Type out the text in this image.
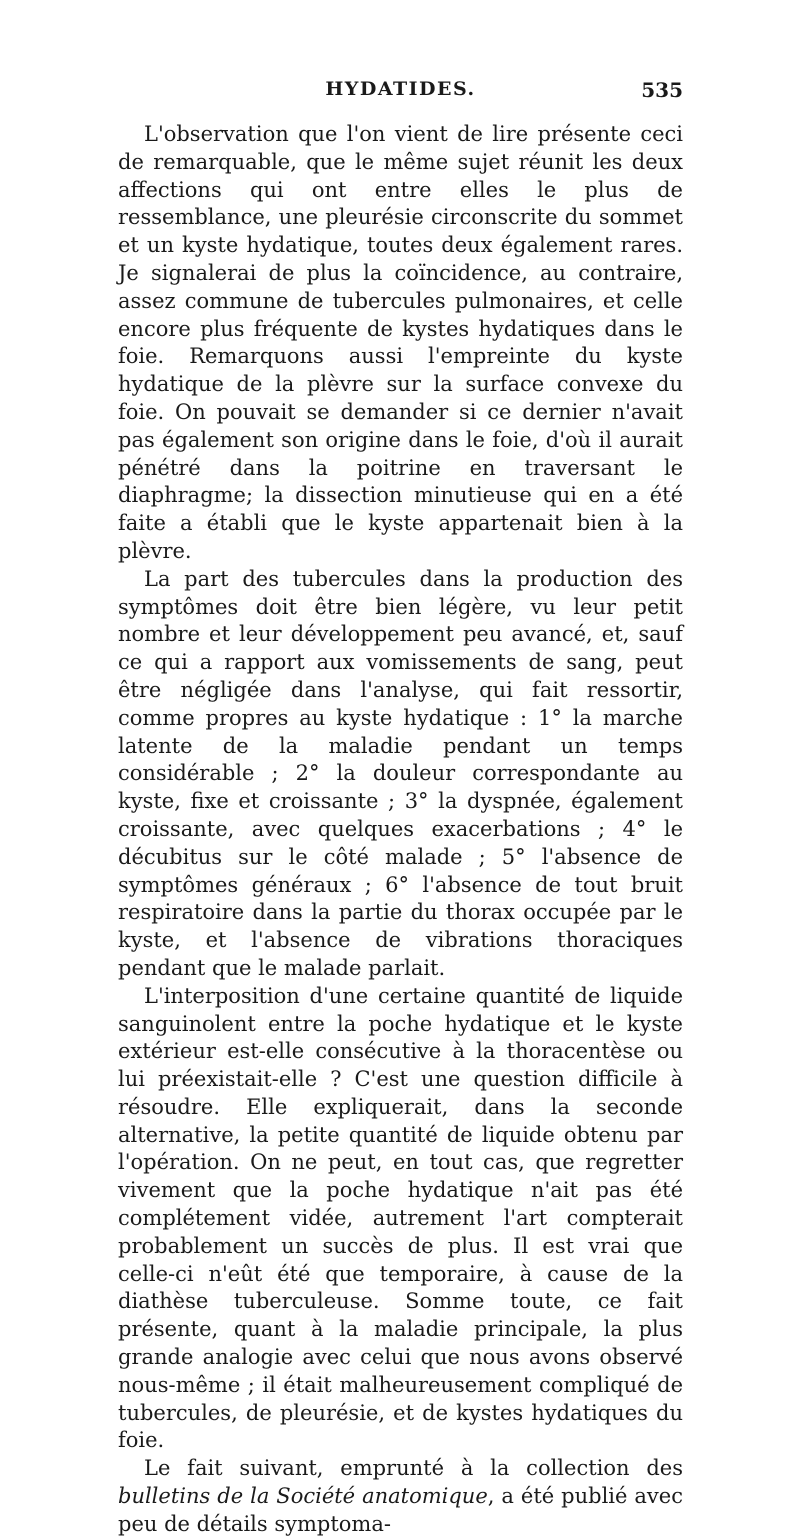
HYDATIDES.	535

L'observation que l'on vient de lire présente ceci de remarquable, que le même sujet réunit les deux affections qui ont entre elles le plus de ressemblance, une pleurésie circonscrite du sommet et un kyste hydatique, toutes deux également rares. Je signalerai de plus la coïncidence, au contraire, assez commune de tubercules pulmonaires, et celle encore plus fréquente de kystes hydatiques dans le foie. Remarquons aussi l'empreinte du kyste hydatique de la plèvre sur la surface convexe du foie. On pouvait se demander si ce dernier n'avait pas également son origine dans le foie, d'où il aurait pénétré dans la poitrine en traversant le diaphragme; la dissection minutieuse qui en a été faite a établi que le kyste appartenait bien à la plèvre.

La part des tubercules dans la production des symptômes doit être bien légère, vu leur petit nombre et leur développement peu avancé, et, sauf ce qui a rapport aux vomissements de sang, peut être négligée dans l'analyse, qui fait ressortir, comme propres au kyste hydatique : 1° la marche latente de la maladie pendant un temps considérable ; 2° la douleur correspondante au kyste, fixe et croissante ; 3° la dyspnée, également croissante, avec quelques exacerbations ; 4° le décubitus sur le côté malade ; 5° l'absence de symptômes généraux ; 6° l'absence de tout bruit respiratoire dans la partie du thorax occupée par le kyste, et l'absence de vibrations thoraciques pendant que le malade parlait.

L'interposition d'une certaine quantité de liquide sanguinolent entre la poche hydatique et le kyste extérieur est-elle consécutive à la thoracentèse ou lui préexistait-elle ? C'est une question difficile à résoudre. Elle expliquerait, dans la seconde alternative, la petite quantité de liquide obtenu par l'opération. On ne peut, en tout cas, que regretter vivement que la poche hydatique n'ait pas été complétement vidée, autrement l'art compterait probablement un succès de plus. Il est vrai que celle-ci n'eût été que temporaire, à cause de la diathèse tuberculeuse. Somme toute, ce fait présente, quant à la maladie principale, la plus grande analogie avec celui que nous avons observé nous-même ; il était malheureusement compliqué de tubercules, de pleurésie, et de kystes hydatiques du foie.

Le fait suivant, emprunté à la collection des bulletins de la Société anatomique, a été publié avec peu de détails symptoma-
